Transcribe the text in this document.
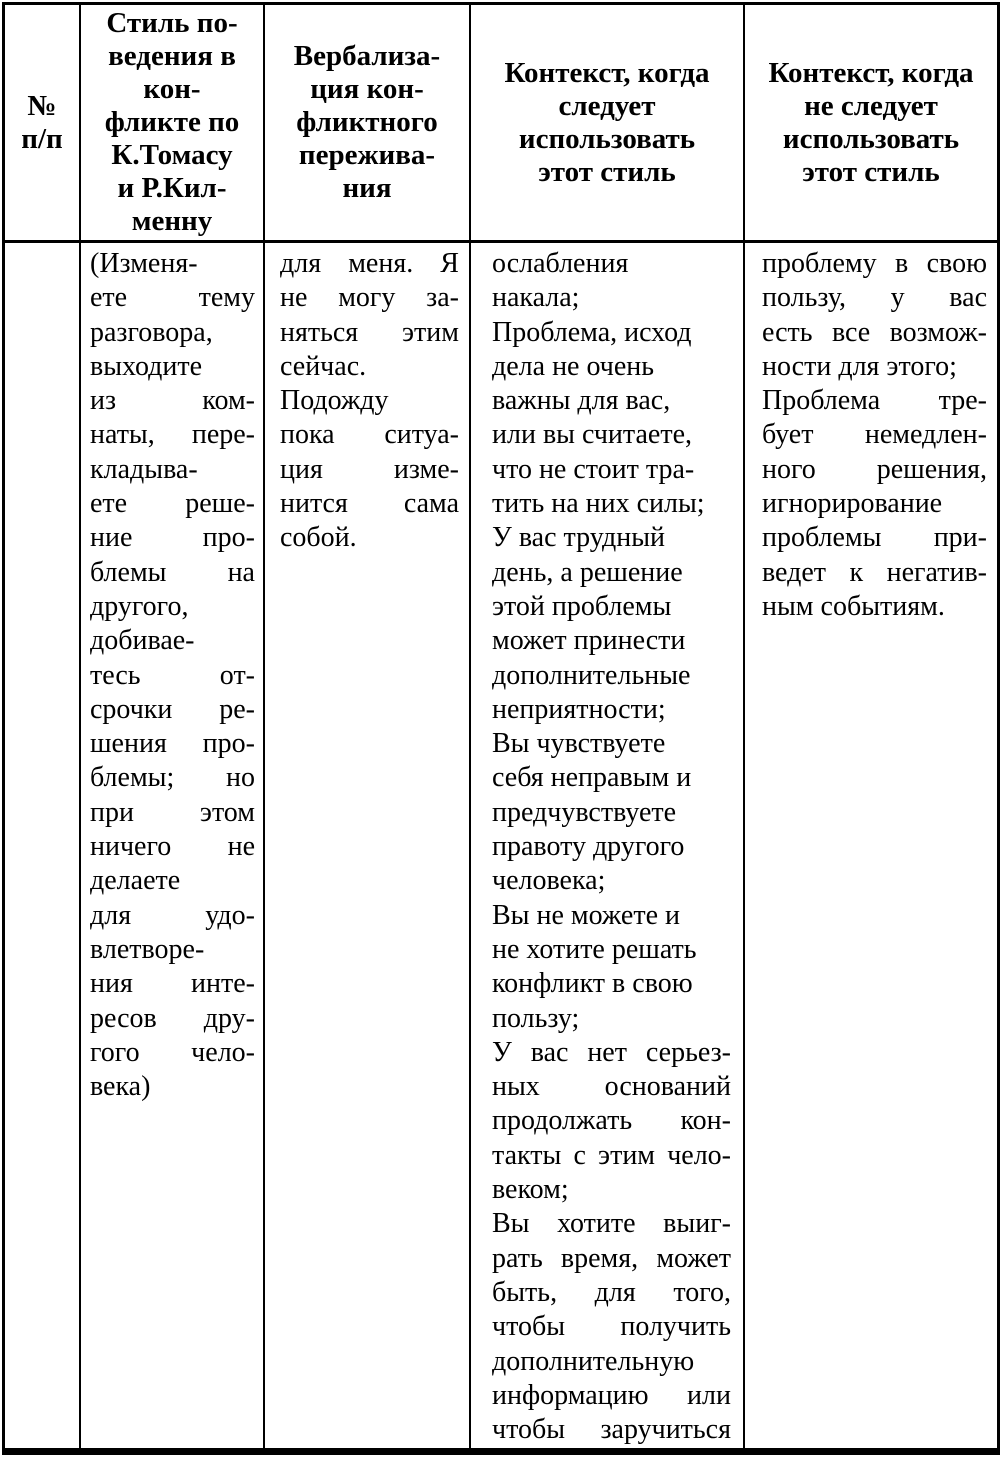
№
п/п
Стиль по-
ведения в
кон-
фликте по
К.Томасу
и Р.Кил-
менну
Вербализа-
ция кон-
фликтного
пережива-
ния
Контекст, когда
следует
использовать
этот стиль
Контекст, когда
не следует
использовать
этот стиль
(Изменя-
ете тему
разговора,
выходите
из ком-
наты, пере-
кладыва-
ете реше-
ние про-
блемы на
другого,
добивае-
тесь от-
срочки ре-
шения про-
блемы; но
при этом
ничего не
делаете
для удо-
влетворе-
ния инте-
ресов дру-
гого чело-
века)
для меня. Я
не могу за-
няться этим
сейчас.
Подожду
пока ситуа-
ция изме-
нится сама
собой.
ослабления
накала;
Проблема, исход
дела не очень
важны для вас,
или вы считаете,
что не стоит тра-
тить на них силы;
У вас трудный
день, а решение
этой проблемы
может принести
дополнительные
неприятности;
Вы чувствуете
себя неправым и
предчувствуете
правоту другого
человека;
Вы не можете и
не хотите решать
конфликт в свою
пользу;
У вас нет серьез-
ных оснований
продолжать кон-
такты с этим чело-
веком;
Вы хотите выиг-
рать время, может
быть, для того,
чтобы получить
дополнительную
информацию или
чтобы заручиться
проблему в свою
пользу, у вас
есть все возмож-
ности для этого;
Проблема тре-
бует немедлен-
ного решения,
игнорирование
проблемы при-
ведет к негатив-
ным событиям.
